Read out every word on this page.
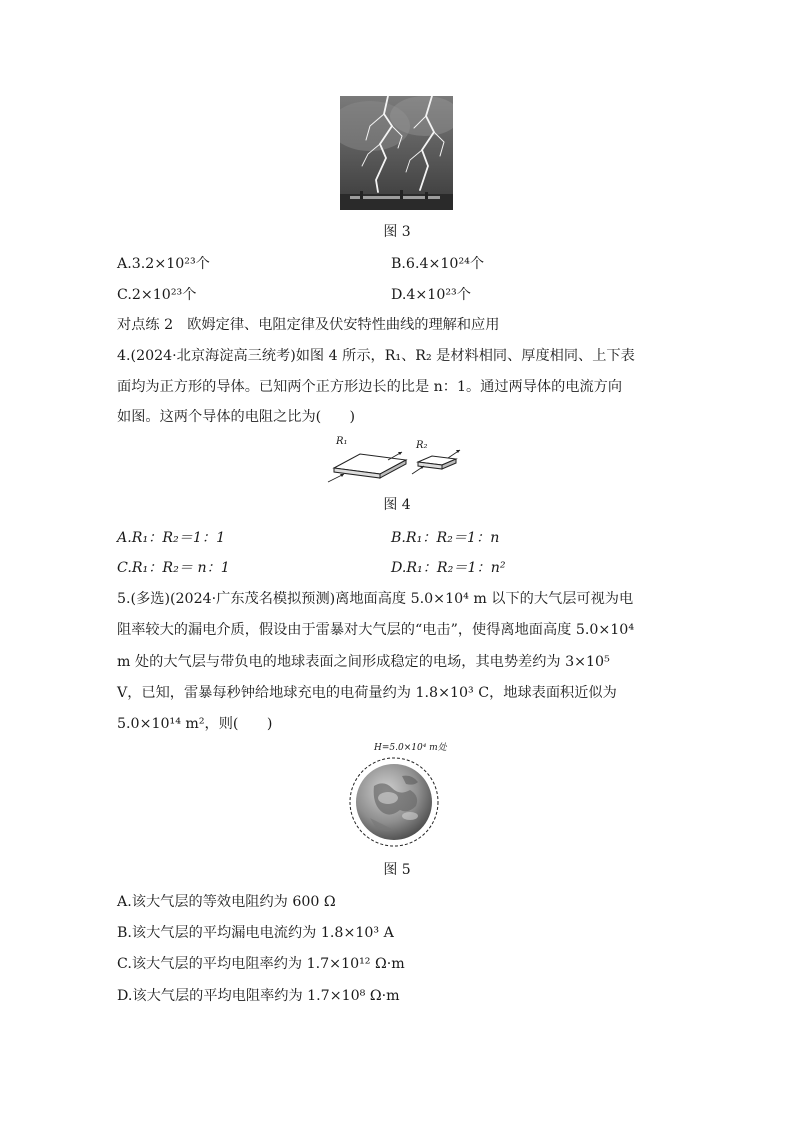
图 3
A.3.2×10²³个	B.6.4×10²⁴个
C.2×10²³个	D.4×10²³个
对点练 2　欧姆定律、电阻定律及伏安特性曲线的理解和应用
4.(2024·北京海淀高三统考)如图 4 所示，R₁、R₂ 是材料相同、厚度相同、上下表
面均为正方形的导体。已知两个正方形边长的比是 n：1。通过两导体的电流方向
如图。这两个导体的电阻之比为(　　)
R₁	R₂
图 4
A.R₁：R₂＝1：1	B.R₁：R₂＝1：n
C.R₁：R₂＝ n：1	D.R₁：R₂＝1：n²
5.(多选)(2024·广东茂名模拟预测)离地面高度 5.0×10⁴ m 以下的大气层可视为电
阻率较大的漏电介质，假设由于雷暴对大气层的“电击”，使得离地面高度 5.0×10⁴
m 处的大气层与带负电的地球表面之间形成稳定的电场，其电势差约为 3×10⁵
V，已知，雷暴每秒钟给地球充电的电荷量约为 1.8×10³ C，地球表面积近似为
5.0×10¹⁴ m²，则(　　)
H=5.0×10⁴ m处
图 5
A.该大气层的等效电阻约为 600 Ω
B.该大气层的平均漏电电流约为 1.8×10³ A
C.该大气层的平均电阻率约为 1.7×10¹² Ω·m
D.该大气层的平均电阻率约为 1.7×10⁸ Ω·m
